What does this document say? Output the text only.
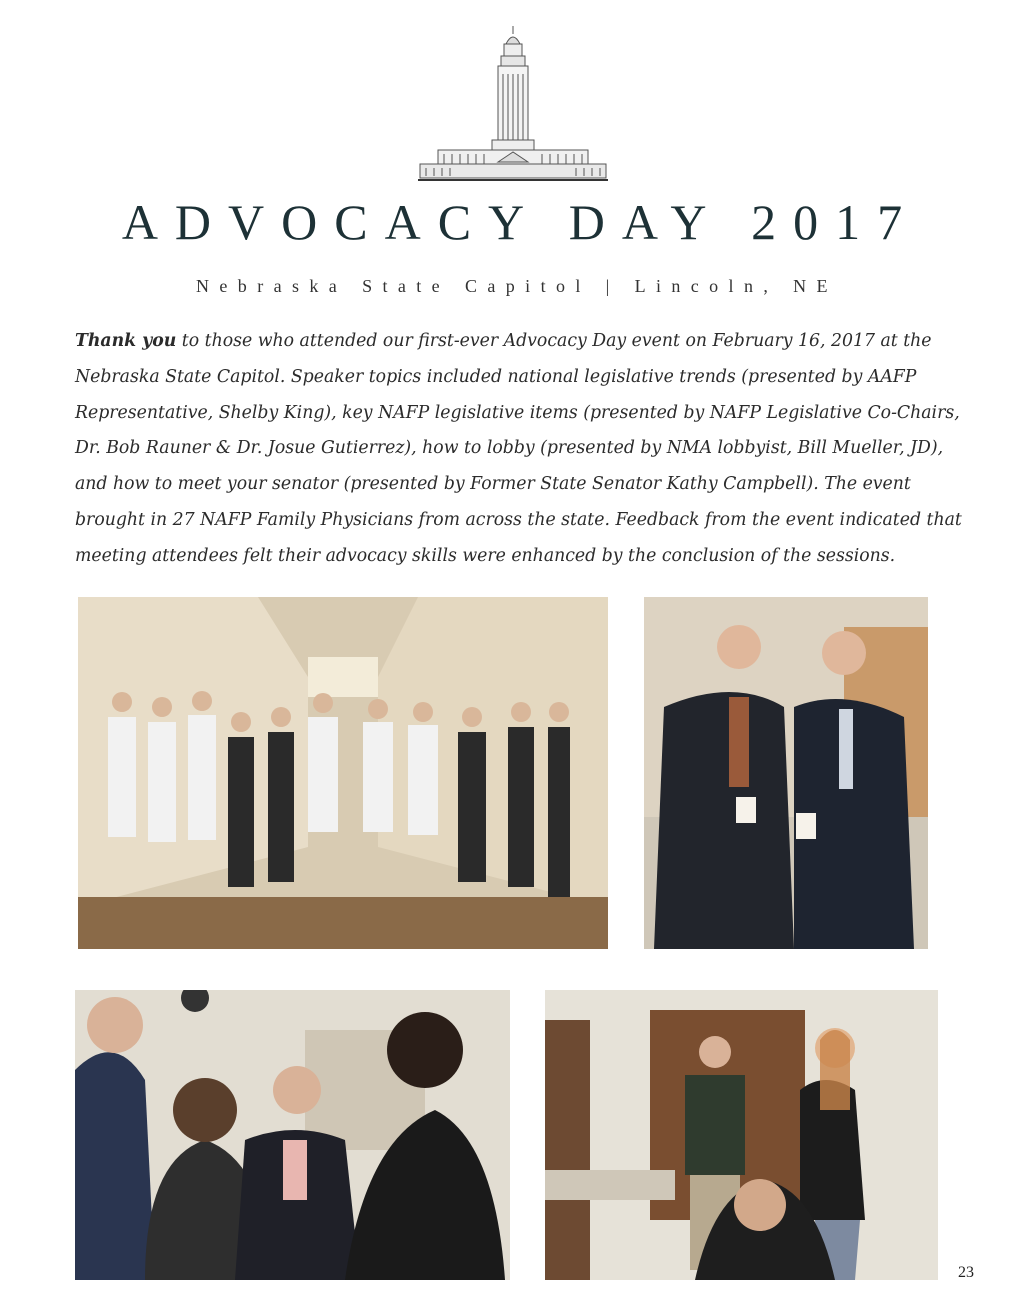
ADVOCACY DAY 2017
Nebraska State Capitol | Lincoln, NE
Thank you to those who attended our first-ever Advocacy Day event on February 16, 2017 at the Nebraska State Capitol. Speaker topics included national legislative trends (presented by AAFP Representative, Shelby King), key NAFP legislative items (presented by NAFP Legislative Co-Chairs, Dr. Bob Rauner & Dr. Josue Gutierrez), how to lobby (presented by NMA lobbyist, Bill Mueller, JD), and how to meet your senator (presented by Former State Senator Kathy Campbell). The event brought in 27 NAFP Family Physicians from across the state. Feedback from the event indicated that meeting attendees felt their advocacy skills were enhanced by the conclusion of the sessions.
23
